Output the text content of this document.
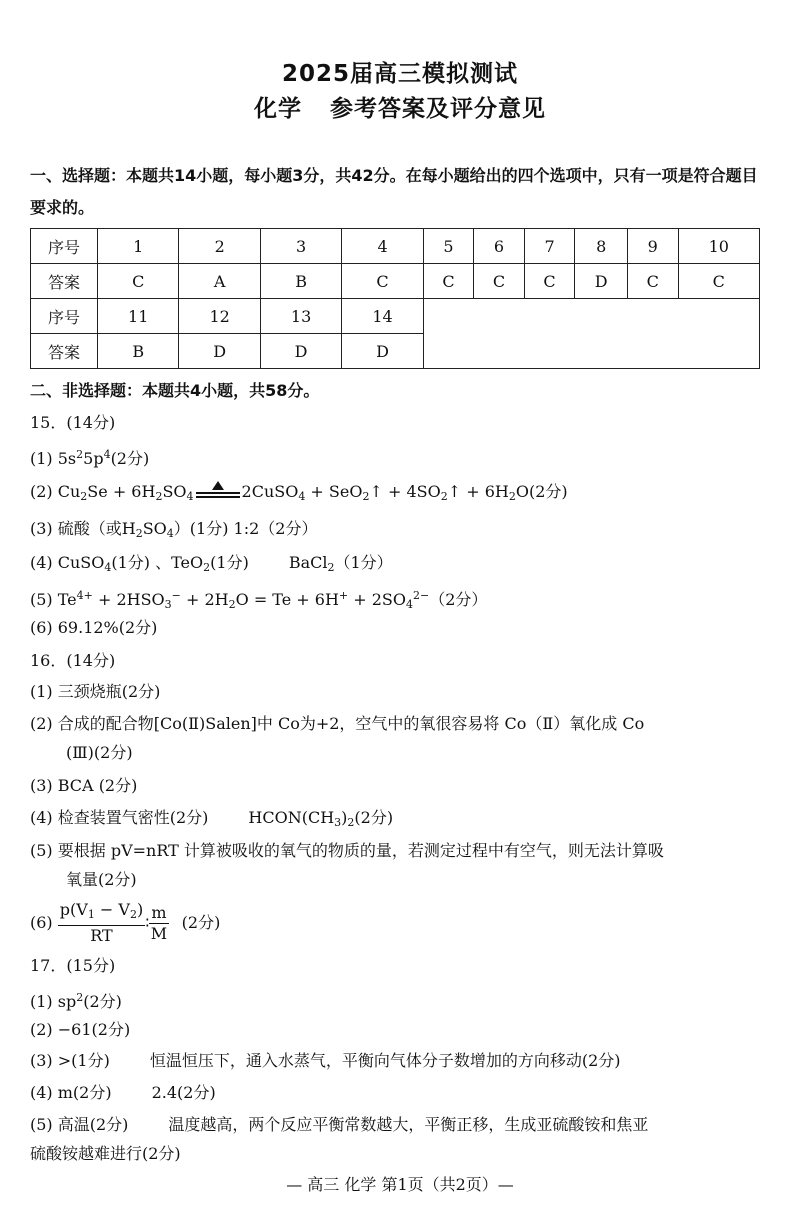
2025届高三模拟测试
化学 参考答案及评分意见
一、选择题：本题共14小题，每小题3分，共42分。在每小题给出的四个选项中，只有一项是符合题目要求的。
序号	1	2	3	4	5	6	7	8	9	10
答案	C	A	B	C	C	C	C	D	C	C
序号	11	12	13	14						
答案	B	D	D	D						
二、非选择题：本题共4小题，共58分。
15．(14分)
(1) $5s^25p^4(2$分)
(2) $Cu_2Se + 6H_2SO_4$	2CuSO$_4$ + SeO$_2$↑ + $4SO_2↑ + 6H_2O(2$分)
(3) 硫酸（或$H_2SO_4)(1$分) 1:2（2分）
(4) CuSO$_4$(1分) 、TeO$_2$(1分)	BaCl$_2$（1分）
(5) $Te^{4+} + 2HSO_3^- + 2H_2O = Te + 6H^+ + 2SO_4^{2-}(2$分）
(6) 69.12%(2分)
16．(14分)
(1) 三颈烧瓶(2分)
(2) 合成的配合物[Co(Ⅱ)Salen]中 Co为+2，空气中的氧很容易将 Co（Ⅱ）氧化成 Co
(Ⅲ)(2分)
(3) BCA (2分)
(4) 检查装置气密性(2分)	$HCON(CH_3)_2(2$分)
(5) 要根据 pV=nRT 计算被吸收的氧气的物质的量，若测定过程中有空气，则无法计算吸
氧量(2分)
$(6) \frac{p(V_1 - V_2)}{RT}$ ∶ $\frac{m}{M} (2$分)
17．(15分)
(1) $sp^2(2$分)
(2) −61(2分)
(3) >(1分)	恒温恒压下，通入水蒸气，平衡向气体分子数增加的方向移动(2分)
(4) m(2分)	2.4(2分)
(5) 高温(2分)	温度越高，两个反应平衡常数越大，平衡正移，生成亚硫酸铵和焦亚
硫酸铵越难进行(2分)
— 高三 化学 第1页（共2页）—
